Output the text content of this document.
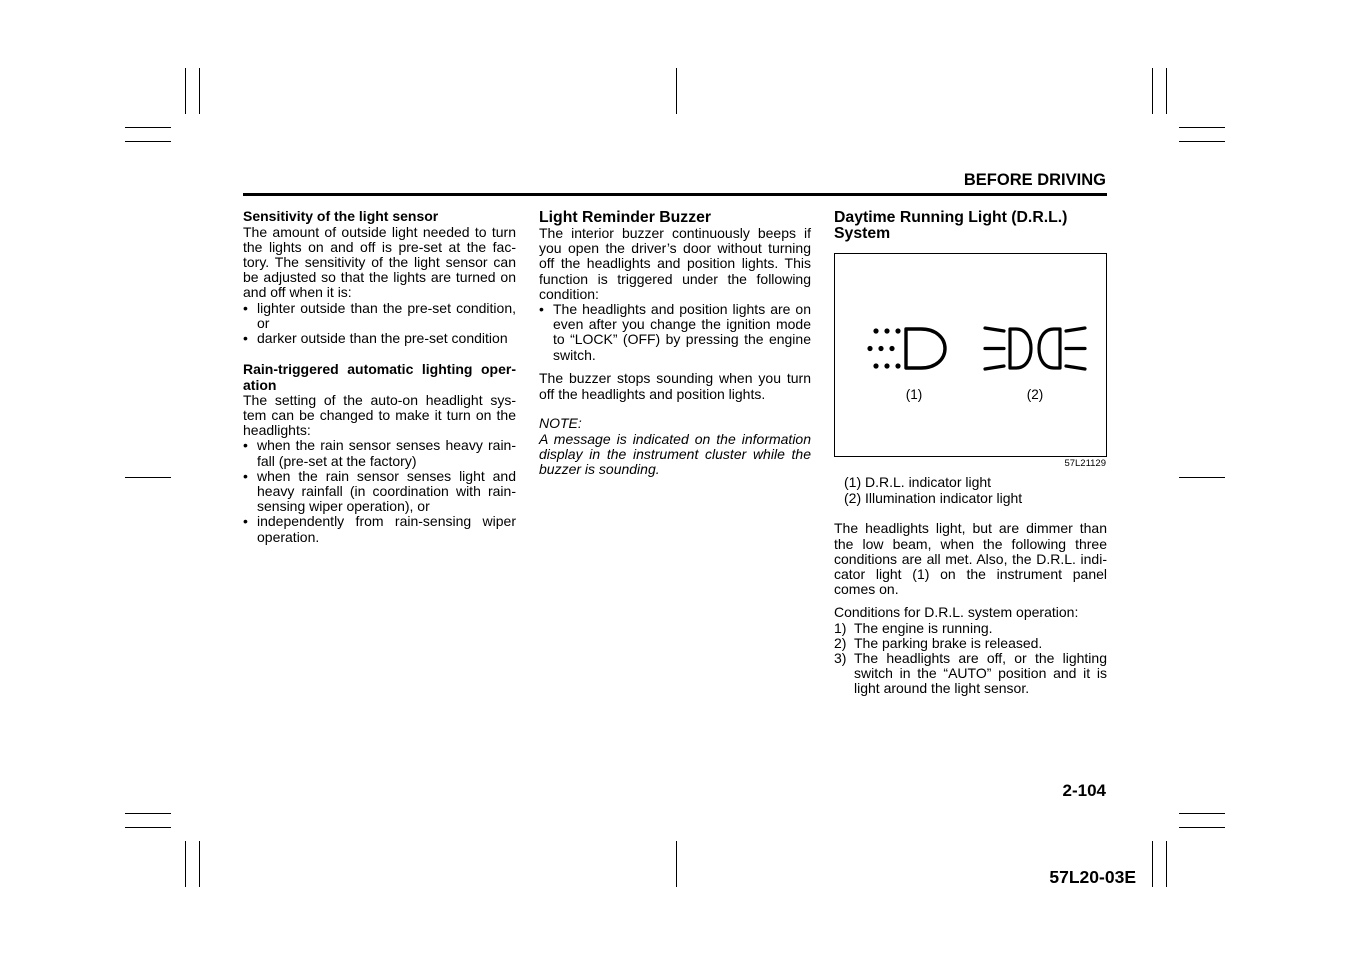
BEFORE DRIVING
Sensitivity of the light sensor
The amount of outside light needed to turn
the lights on and off is pre-set at the fac-
tory. The sensitivity of the light sensor can
be adjusted so that the lights are turned on
and off when it is:
• lighter outside than the pre-set condition,
or
• darker outside than the pre-set condition
Rain-triggered automatic lighting oper-
ation
The setting of the auto-on headlight sys-
tem can be changed to make it turn on the
headlights:
• when the rain sensor senses heavy rain-
fall (pre-set at the factory)
• when the rain sensor senses light and
heavy rainfall (in coordination with rain-
sensing wiper operation), or
• independently from rain-sensing wiper
operation.
Light Reminder Buzzer
The interior buzzer continuously beeps if
you open the driver’s door without turning
off the headlights and position lights. This
function is triggered under the following
condition:
• The headlights and position lights are on
even after you change the ignition mode
to “LOCK” (OFF) by pressing the engine
switch.
The buzzer stops sounding when you turn
off the headlights and position lights.
NOTE:
A message is indicated on the information
display in the instrument cluster while the
buzzer is sounding.
Daytime Running Light (D.R.L.)
System
(1)	(2)
57L21129
(1) D.R.L. indicator light
(2) Illumination indicator light
The headlights light, but are dimmer than
the low beam, when the following three
conditions are all met. Also, the D.R.L. indi-
cator light (1) on the instrument panel
comes on.
Conditions for D.R.L. system operation:
1) The engine is running.
2) The parking brake is released.
3) The headlights are off, or the lighting
switch in the “AUTO” position and it is
light around the light sensor.
2-104
57L20-03E
